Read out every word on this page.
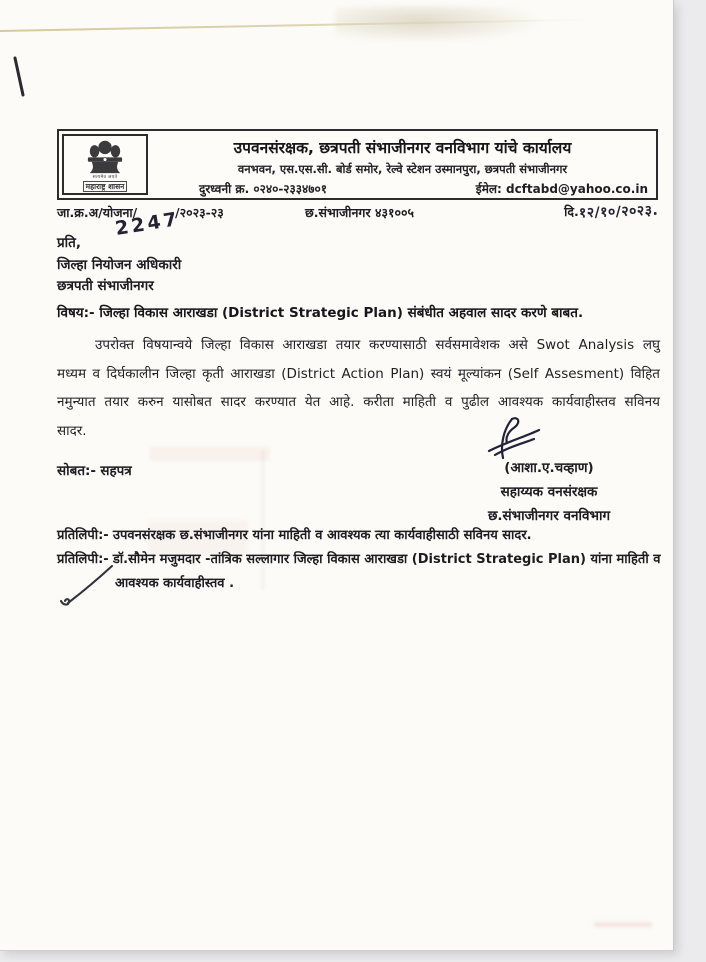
सत्यमेव जयते
महाराष्ट्र शासन
उपवनसंरक्षक, छत्रपती संभाजीनगर वनविभाग यांचे कार्यालय
वनभवन, एस.एस.सी. बोर्ड समोर, रेल्वे स्टेशन उस्मानपुरा, छत्रपती संभाजीनगर
दुरध्वनी क्र. ०२४०-२३३४७०१	ईमेल: dcftabd@yahoo.co.in
जा.क्र.अ/योजना/
2247
/२०२३-२३	छ.संभाजीनगर ४३१००५	दि.१२/१०/२०२३.
प्रति,
जिल्हा नियोजन अधिकारी
छत्रपती संभाजीनगर
विषय:- जिल्हा विकास आराखडा (District Strategic Plan) संबंधीत अहवाल सादर करणे बाबत.
उपरोक्त विषयान्वये जिल्हा विकास आराखडा तयार करण्यासाठी सर्वसमावेशक असे Swot Analysis लघु
मध्यम व दिर्घकालीन जिल्हा कृती आराखडा (District Action Plan) स्वयं मूल्यांकन (Self Assesment) विहित
नमुन्यात तयार करुन यासोबत सादर करण्यात येत आहे. करीता माहिती व पुढील आवश्यक कार्यवाहीस्तव सविनय
सादर.
सोबत:- सहपत्र	(आशा.ए.चव्हाण)
सहाय्यक वनसंरक्षक
छ.संभाजीनगर वनविभाग
प्रतिलिपी:- उपवनसंरक्षक छ.संभाजीनगर यांना माहिती व आवश्यक त्या कार्यवाहीसाठी सविनय सादर.
प्रतिलिपी:- डॉ.सौमेन मजुमदार -तांत्रिक सल्लागार जिल्हा विकास आराखडा (District Strategic Plan) यांना माहिती व
आवश्यक कार्यवाहीस्तव .
